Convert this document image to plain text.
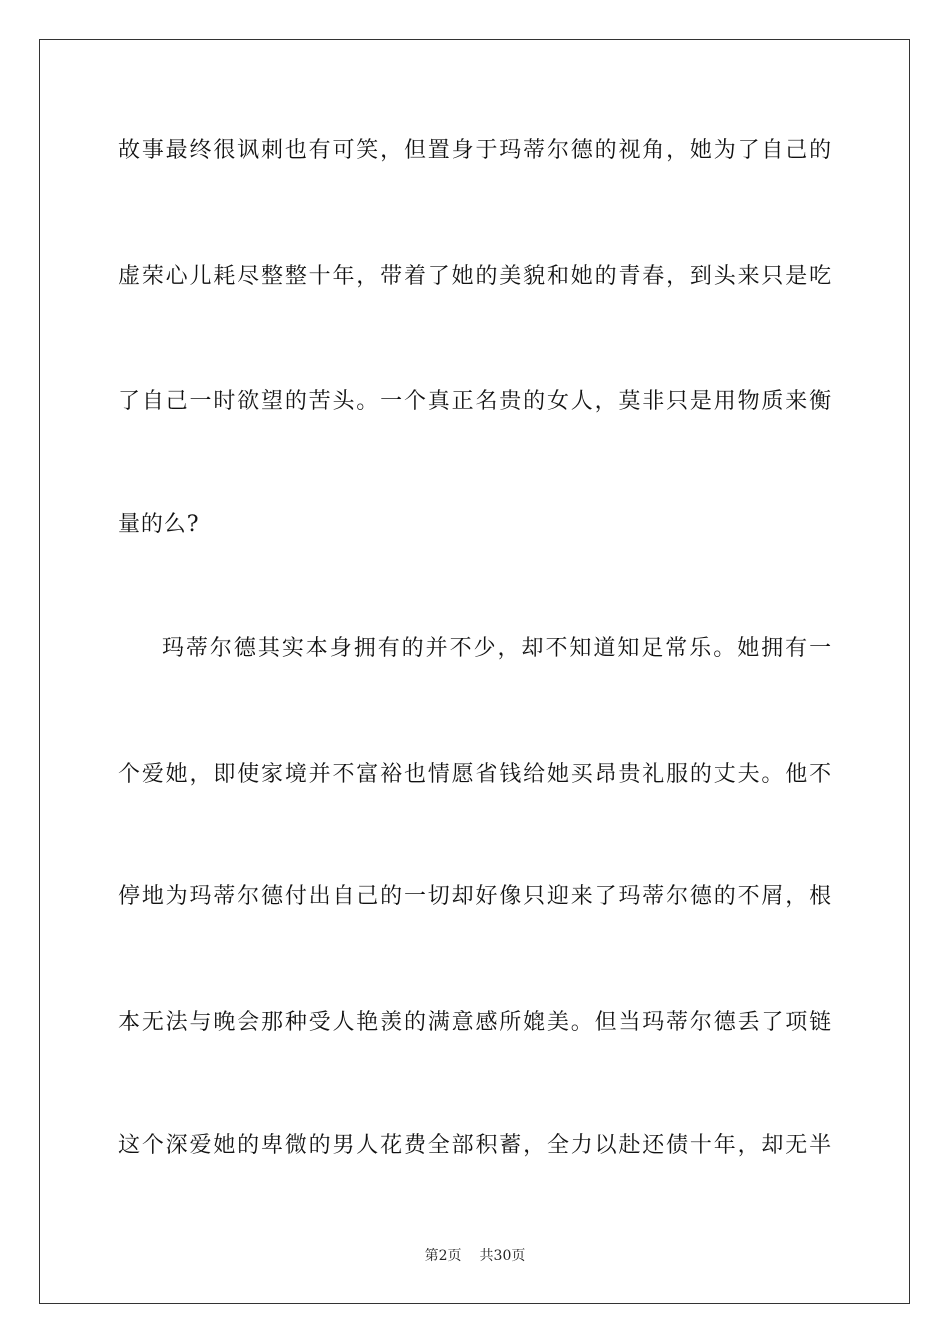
故事最终很讽刺也有可笑，但置身于玛蒂尔德的视角，她为了自己的
虚荣心儿耗尽整整十年，带着了她的美貌和她的青春，到头来只是吃
了自己一时欲望的苦头。一个真正名贵的女人，莫非只是用物质来衡
量的么?
玛蒂尔德其实本身拥有的并不少，却不知道知足常乐。她拥有一
个爱她，即使家境并不富裕也情愿省钱给她买昂贵礼服的丈夫。他不
停地为玛蒂尔德付出自己的一切却好像只迎来了玛蒂尔德的不屑，根
本无法与晚会那种受人艳羡的满意感所媲美。但当玛蒂尔德丢了项链
这个深爱她的卑微的男人花费全部积蓄，全力以赴还债十年，却无半
第2页 共30页
